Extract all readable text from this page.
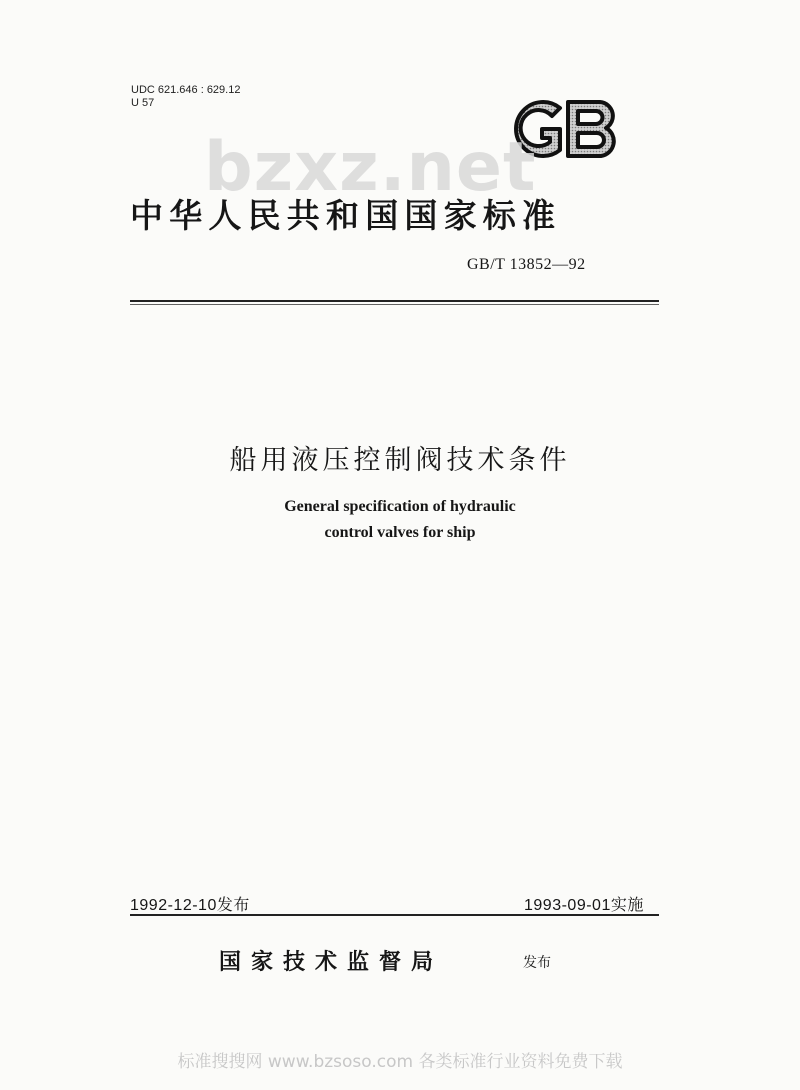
UDC 621.646 : 629.12
U 57
bzxz.net
中华人民共和国国家标准
GB/T 13852—92
船用液压控制阀技术条件
General specification of hydraulic
control valves for ship
1992-12-10发布	1993-09-01实施
国家技术监督局	发布
标准搜搜网 www.bzsoso.com 各类标准行业资料免费下载
